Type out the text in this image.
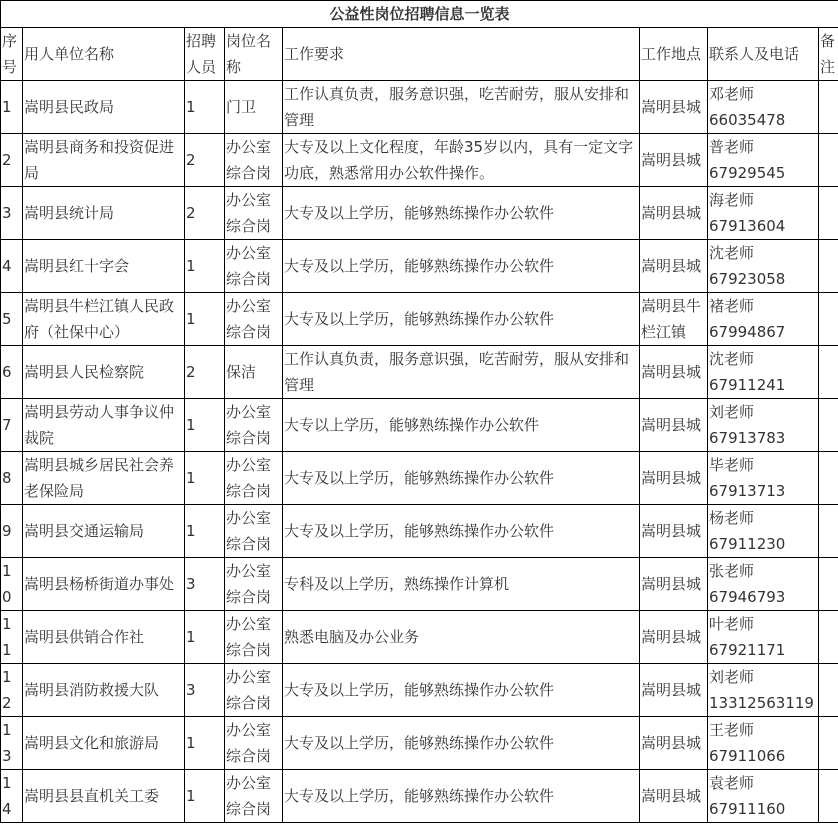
公益性岗位招聘信息一览表							
序号	用人单位名称	招聘人员	岗位名称	工作要求	工作地点	联系人及电话	备注
1	嵩明县民政局	1	门卫	工作认真负责，服务意识强，吃苦耐劳，服从安排和管理	嵩明县城	邓老师
66035478	

2	嵩明县商务和投资促进局	2	办公室综合岗	大专及以上文化程度，年龄35岁以内，具有一定文字功底，熟悉常用办公软件操作。	嵩明县城	普老师
67929545	

3	嵩明县统计局	2	办公室综合岗	大专及以上学历，能够熟练操作办公软件	嵩明县城	海老师
67913604	

4	嵩明县红十字会	1	办公室综合岗	大专及以上学历，能够熟练操作办公软件	嵩明县城	沈老师
67923058	

5	嵩明县牛栏江镇人民政府（社保中心）	1	办公室综合岗	大专及以上学历，能够熟练操作办公软件	嵩明县牛栏江镇	褚老师
67994867	

6	嵩明县人民检察院	2	保洁	工作认真负责，服务意识强，吃苦耐劳，服从安排和管理	嵩明县城	沈老师
67911241	

7	嵩明县劳动人事争议仲裁院	1	办公室综合岗	大专以上学历，能够熟练操作办公软件	嵩明县城	刘老师
67913783	

8	嵩明县城乡居民社会养老保险局	1	办公室综合岗	大专及以上学历，能够熟练操作办公软件	嵩明县城	毕老师
67913713	

9	嵩明县交通运输局	1	办公室综合岗	大专及以上学历，能够熟练操作办公软件	嵩明县城	杨老师
67911230	

10	嵩明县杨桥街道办事处	3	办公室综合岗	专科及以上学历，熟练操作计算机	嵩明县城	张老师
67946793	

11	嵩明县供销合作社	1	办公室综合岗	熟悉电脑及办公业务	嵩明县城	叶老师
67921171	

12	嵩明县消防救援大队	3	办公室综合岗	大专及以上学历，能够熟练操作办公软件	嵩明县城	刘老师
13312563119	

13	嵩明县文化和旅游局	1	办公室综合岗	大专及以上学历，能够熟练操作办公软件	嵩明县城	王老师
67911066	

14	嵩明县县直机关工委	1	办公室综合岗	大专及以上学历，能够熟练操作办公软件	嵩明县城	袁老师
67911160	
